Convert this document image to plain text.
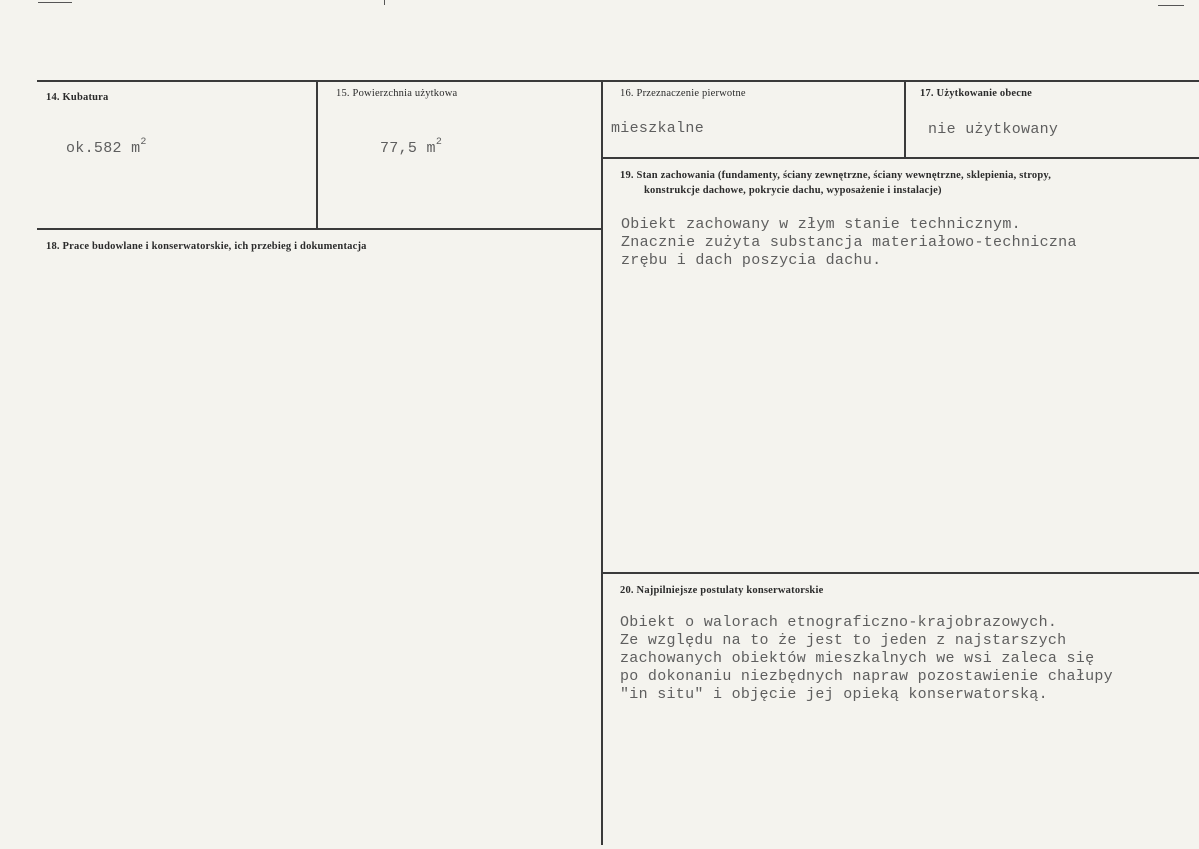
14. Kubatura
ok.582 $m^2$
15. Powierzchnia użytkowa
77,5 $m^2$
16. Przeznaczenie pierwotne
mieszkalne
17. Użytkowanie obecne
nie użytkowany
18. Prace budowlane i konserwatorskie, ich przebieg i dokumentacja
19. Stan zachowania (fundamenty, ściany zewnętrzne, ściany wewnętrzne, sklepienia, stropy,
konstrukcje dachowe, pokrycie dachu, wyposażenie i instalacje)
Obiekt zachowany w złym stanie technicznym.
Znacznie zużyta substancja materiałowo-techniczna
zrębu i dach poszycia dachu.
20. Najpilniejsze postulaty konserwatorskie
Obiekt o walorach etnograficzno-krajobrazowych.
Ze względu na to że jest to jeden z najstarszych
zachowanych obiektów mieszkalnych we wsi zaleca się
po dokonaniu niezbędnych napraw pozostawienie chałupy
"in situ" i objęcie jej opieką konserwatorską.
